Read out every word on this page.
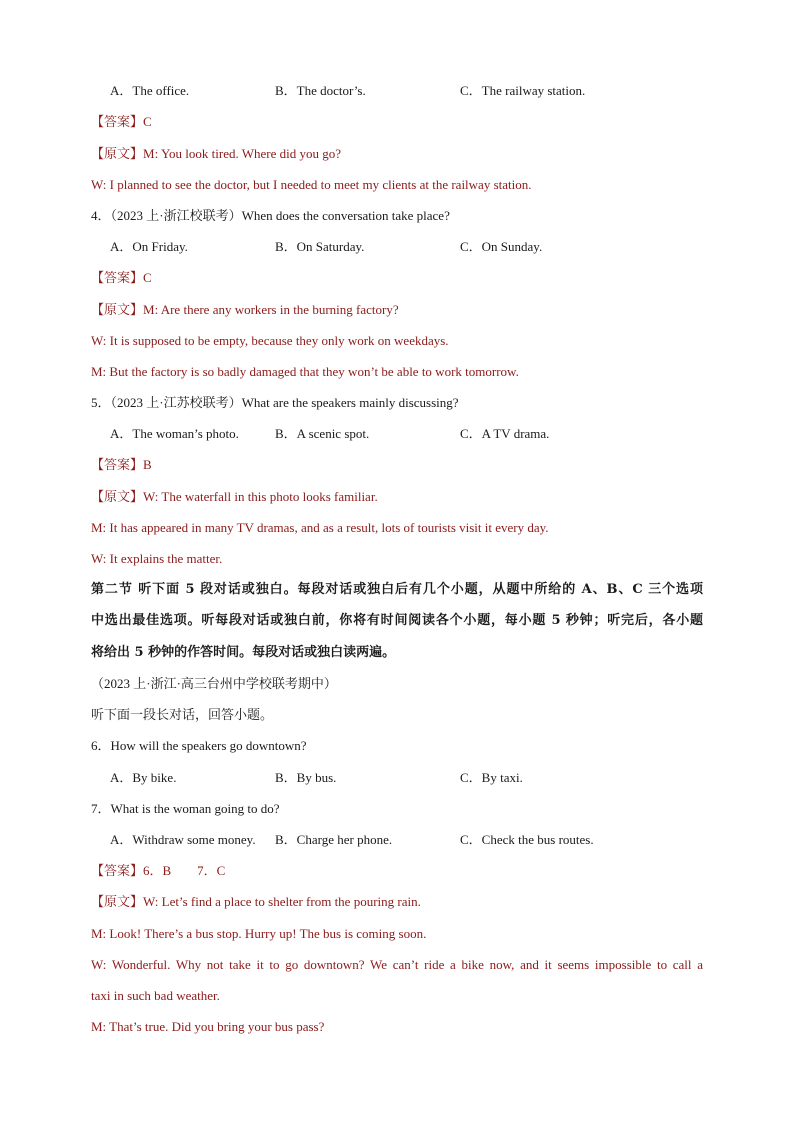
A．The office.	B．The doctor’s.	C．The railway station.
【答案】C
【原文】M: You look tired. Where did you go?
W: I planned to see the doctor, but I needed to meet my clients at the railway station.
4．（2023 上·浙江校联考）When does the conversation take place?
A．On Friday.	B．On Saturday.	C．On Sunday.
【答案】C
【原文】M: Are there any workers in the burning factory?
W: It is supposed to be empty, because they only work on weekdays.
M: But the factory is so badly damaged that they won’t be able to work tomorrow.
5．（2023 上·江苏校联考）What are the speakers mainly discussing?
A．The woman’s photo.	B．A scenic spot.	C．A TV drama.
【答案】B
【原文】W: The waterfall in this photo looks familiar.
M: It has appeared in many TV dramas, and as a result, lots of tourists visit it every day.
W: It explains the matter.
第二节 听下面 5 段对话或独白。每段对话或独白后有几个小题，从题中所给的 A、B、C 三个选项
中选出最佳选项。听每段对话或独白前，你将有时间阅读各个小题，每小题 5 秒钟；听完后，各小题
将给出 5 秒钟的作答时间。每段对话或独白读两遍。
（2023 上·浙江·高三台州中学校联考期中）
听下面一段长对话，回答小题。
6．How will the speakers go downtown?
A．By bike.	B．By bus.	C．By taxi.
7．What is the woman going to do?
A．Withdraw some money. B．Charge her phone.	C．Check the bus routes.
【答案】6．B　　7．C
【原文】W: Let’s find a place to shelter from the pouring rain.
M: Look! There’s a bus stop. Hurry up! The bus is coming soon.
W: Wonderful. Why not take it to go downtown? We can’t ride a bike now, and it seems impossible to call a
taxi in such bad weather.
M: That’s true. Did you bring your bus pass?
